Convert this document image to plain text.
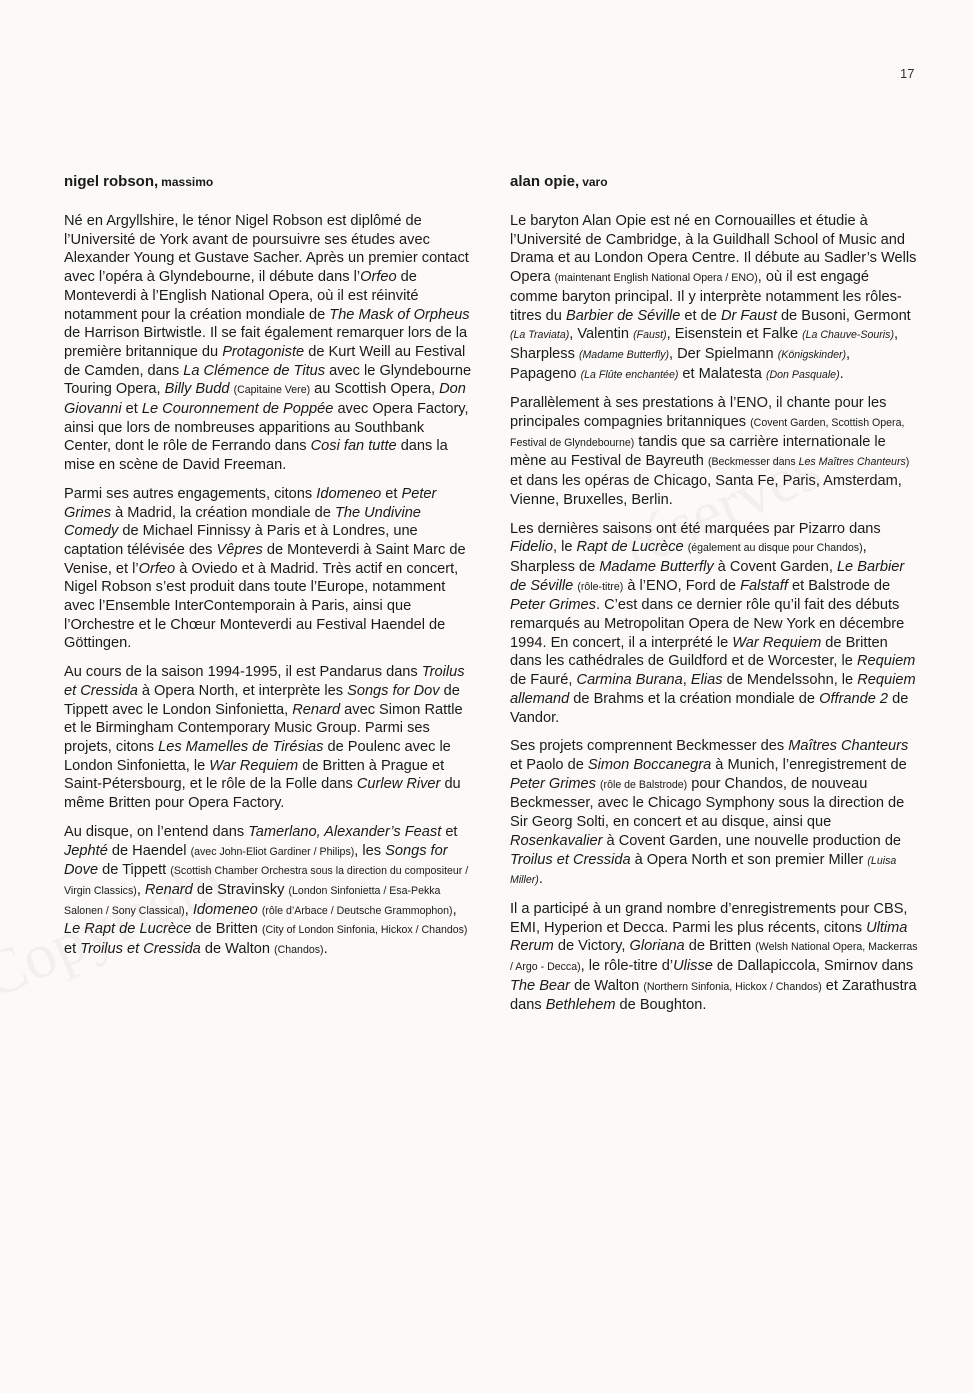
17
nigel robson, massimo

Né en Argyllshire, le ténor Nigel Robson est diplômé de l’Université de York avant de poursuivre ses études avec Alexander Young et Gustave Sacher. Après un premier contact avec l’opéra à Glyndebourne, il débute dans l’Orfeo de Monteverdi à l’English National Opera, où il est réinvité notamment pour la création mondiale de The Mask of Orpheus de Harrison Birtwistle. Il se fait également remarquer lors de la première britannique du Protagoniste de Kurt Weill au Festival de Camden, dans La Clémence de Titus avec le Glyndebourne Touring Opera, Billy Budd (Capitaine Vere) au Scottish Opera, Don Giovanni et Le Couronnement de Poppée avec Opera Factory, ainsi que lors de nombreuses apparitions au Southbank Center, dont le rôle de Ferrando dans Cosi fan tutte dans la mise en scène de David Freeman.

Parmi ses autres engagements, citons Idomeneo et Peter Grimes à Madrid, la création mondiale de The Undivine Comedy de Michael Finnissy à Paris et à Londres, une captation télévisée des Vêpres de Monteverdi à Saint Marc de Venise, et l’Orfeo à Oviedo et à Madrid. Très actif en concert, Nigel Robson s’est produit dans toute l’Europe, notamment avec l’Ensemble InterContemporain à Paris, ainsi que l’Orchestre et le Chœur Monteverdi au Festival Haendel de Göttingen.

Au cours de la saison 1994-1995, il est Pandarus dans Troilus et Cressida à Opera North, et interprète les Songs for Dov de Tippett avec le London Sinfonietta, Renard avec Simon Rattle et le Birmingham Contemporary Music Group. Parmi ses projets, citons Les Mamelles de Tirésias de Poulenc avec le London Sinfonietta, le War Requiem de Britten à Prague et Saint-Pétersbourg, et le rôle de la Folle dans Curlew River du même Britten pour Opera Factory.

Au disque, on l’entend dans Tamerlano, Alexander’s Feast et Jephté de Haendel (avec John-Eliot Gardiner / Philips), les Songs for Dove de Tippett (Scottish Chamber Orchestra sous la direction du compositeur / Virgin Classics), Renard de Stravinsky (London Sinfonietta / Esa-Pekka Salonen / Sony Classical), Idomeneo (rôle d’Arbace / Deutsche Grammophon), Le Rapt de Lucrèce de Britten (City of London Sinfonia, Hickox / Chandos) et Troilus et Cressida de Walton (Chandos).

alan opie, varo

Le baryton Alan Opie est né en Cornouailles et étudie à l’Université de Cambridge, à la Guildhall School of Music and Drama et au London Opera Centre. Il débute au Sadler’s Wells Opera (maintenant English National Opera / ENO), où il est engagé comme baryton principal. Il y interprète notamment les rôles-titres du Barbier de Séville et de Dr Faust de Busoni, Germont (La Traviata), Valentin (Faust), Eisenstein et Falke (La Chauve-Souris), Sharpless (Madame Butterfly), Der Spielmann (Königskinder), Papageno (La Flûte enchantée) et Malatesta (Don Pasquale).

Parallèlement à ses prestations à l’ENO, il chante pour les principales compagnies britanniques (Covent Garden, Scottish Opera, Festival de Glyndebourne) tandis que sa carrière internationale le mène au Festival de Bayreuth (Beckmesser dans Les Maîtres Chanteurs) et dans les opéras de Chicago, Santa Fe, Paris, Amsterdam, Vienne, Bruxelles, Berlin.

Les dernières saisons ont été marquées par Pizarro dans Fidelio, le Rapt de Lucrèce (également au disque pour Chandos), Sharpless de Madame Butterfly à Covent Garden, Le Barbier de Séville (rôle-titre) à l’ENO, Ford de Falstaff et Balstrode de Peter Grimes. C’est dans ce dernier rôle qu’il fait des débuts remarqués au Metropolitan Opera de New York en décembre 1994. En concert, il a interprété le War Requiem de Britten dans les cathédrales de Guildford et de Worcester, le Requiem de Fauré, Carmina Burana, Elias de Mendelssohn, le Requiem allemand de Brahms et la création mondiale de Offrande 2 de Vandor.

Ses projets comprennent Beckmesser des Maîtres Chanteurs et Paolo de Simon Boccanegra à Munich, l’enregistrement de Peter Grimes (rôle de Balstrode) pour Chandos, de nouveau Beckmesser, avec le Chicago Symphony sous la direction de Sir Georg Solti, en concert et au disque, ainsi que Rosenkavalier à Covent Garden, une nouvelle production de Troilus et Cressida à Opera North et son premier Miller (Luisa Miller).

Il a participé à un grand nombre d’enregistrements pour CBS, EMI, Hyperion et Decca. Parmi les plus récents, citons Ultima Rerum de Victory, Gloriana de Britten (Welsh National Opera, Mackerras / Argo - Decca), le rôle-titre d’Ulisse de Dallapiccola, Smirnov dans The Bear de Walton (Northern Sinfonia, Hickox / Chandos) et Zarathustra dans Bethlehem de Boughton.
